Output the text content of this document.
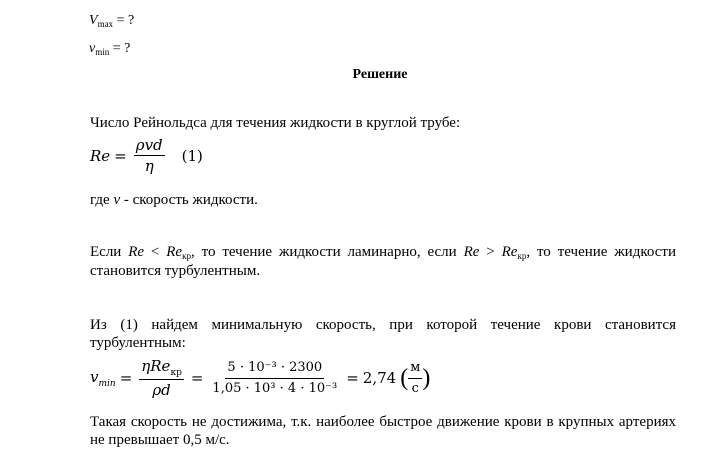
$V_{max}$ = ?
$v_{min}$ = ?
Решение

Число Рейнольдса для течения жидкости в круглой трубе:

$Re = \frac{\text{ρvd}}{\eta} (1)$

где v - скорость жидкости.

Если $Re < Re_{кр}$, то течение жидкости ламинарно, если $Re > Re_{кр}$, то течение жидкости становится турбулентным.

Из (1) найдем минимальную скорость, при которой течение крови становится турбулентным:

$v_{min} = \frac{\eta Re_{кр}}{\rho d} = \frac{\text{5 · 10⁻³ · 2300}}{\text{1,05 · 10³ · 4 · 10⁻³}} = 2,74$ ( $\frac{м}{с}$ )

Такая скорость не достижима, т.к. наиболее быстрое движение крови в крупных артериях не превышает 0,5 м/с.
